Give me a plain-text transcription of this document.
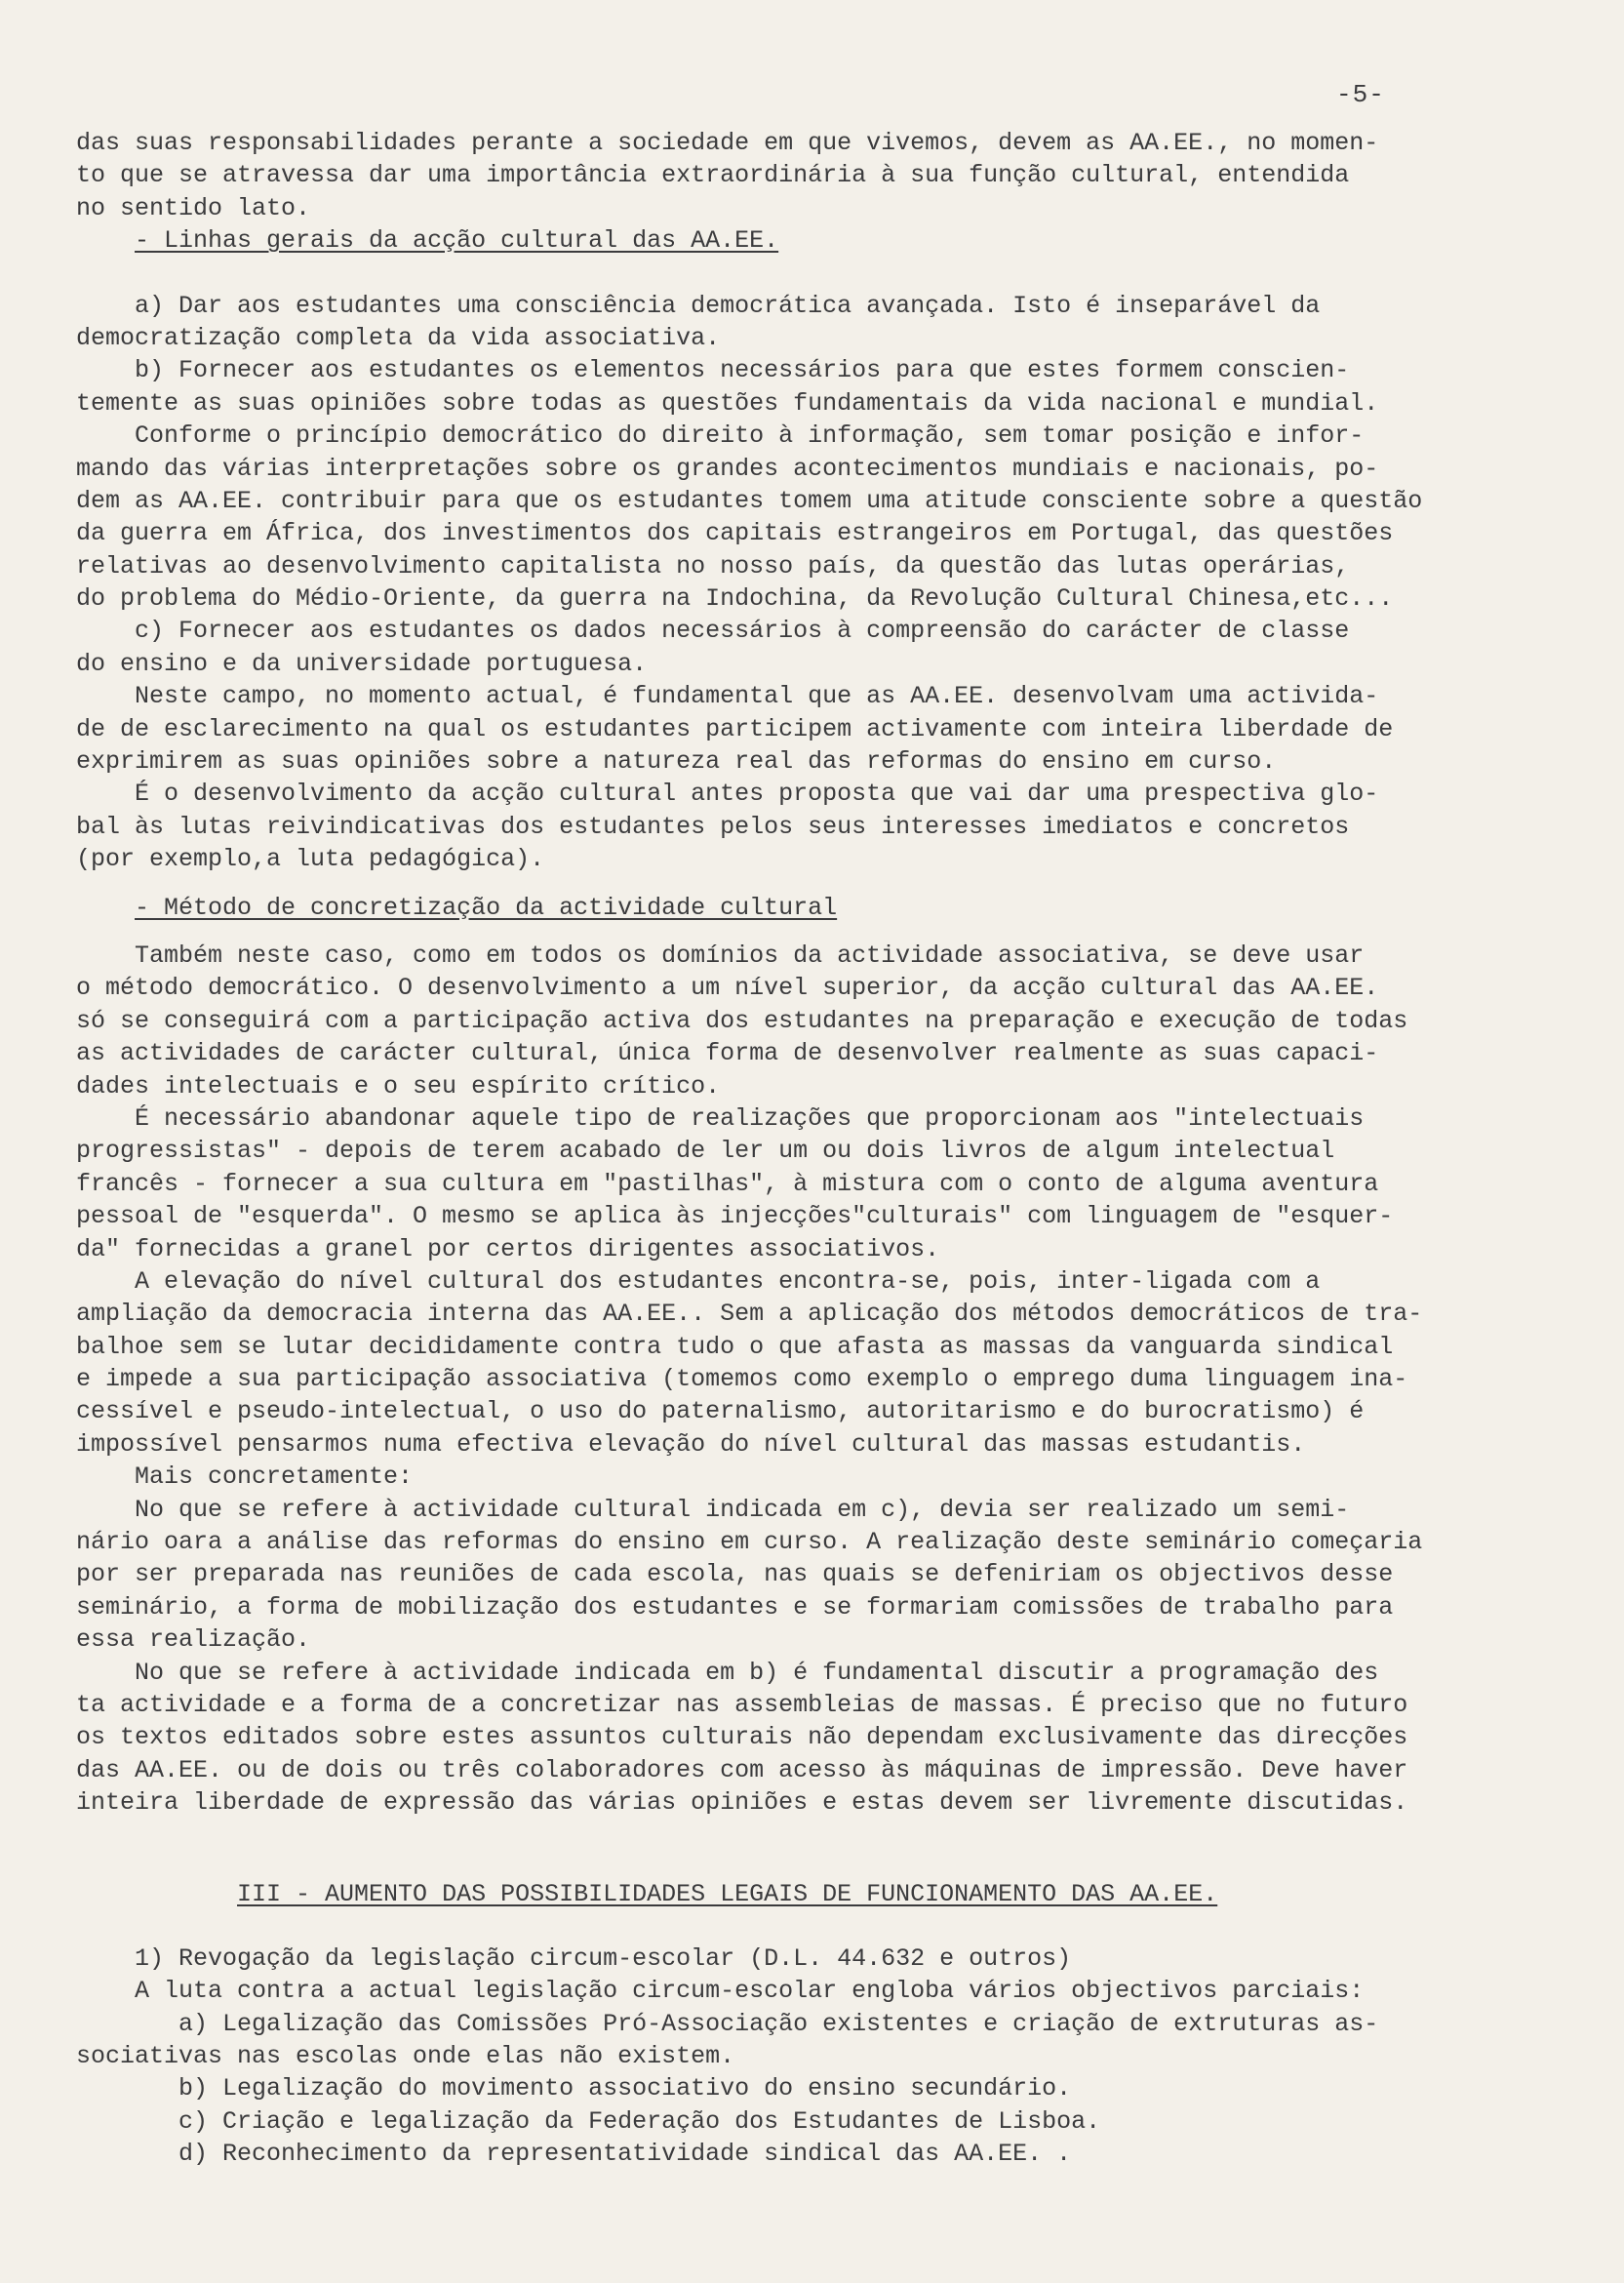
-5-
das suas responsabilidades perante a sociedade em que vivemos, devem as AA.EE., no momen-
to que se atravessa dar uma importância extraordinária à sua função cultural, entendida
no sentido lato.
- Linhas gerais da acção cultural das AA.EE.
a) Dar aos estudantes uma consciência democrática avançada. Isto é inseparável da
democratização completa da vida associativa.
b) Fornecer aos estudantes os elementos necessários para que estes formem conscien-
temente as suas opiniões sobre todas as questões fundamentais da vida nacional e mundial.
Conforme o princípio democrático do direito à informação, sem tomar posição e infor-
mando das várias interpretações sobre os grandes acontecimentos mundiais e nacionais, po-
dem as AA.EE. contribuir para que os estudantes tomem uma atitude consciente sobre a questão
da guerra em África, dos investimentos dos capitais estrangeiros em Portugal, das questões
relativas ao desenvolvimento capitalista no nosso país, da questão das lutas operárias,
do problema do Médio-Oriente, da guerra na Indochina, da Revolução Cultural Chinesa,etc...
c) Fornecer aos estudantes os dados necessários à compreensão do carácter de classe
do ensino e da universidade portuguesa.
Neste campo, no momento actual, é fundamental que as AA.EE. desenvolvam uma activida-
de de esclarecimento na qual os estudantes participem activamente com inteira liberdade de
exprimirem as suas opiniões sobre a natureza real das reformas do ensino em curso.
É o desenvolvimento da acção cultural antes proposta que vai dar uma prespectiva glo-
bal às lutas reivindicativas dos estudantes pelos seus interesses imediatos e concretos
(por exemplo,a luta pedagógica).
- Método de concretização da actividade cultural
Também neste caso, como em todos os domínios da actividade associativa, se deve usar
o método democrático. O desenvolvimento a um nível superior, da acção cultural das AA.EE.
só se conseguirá com a participação activa dos estudantes na preparação e execução de todas
as actividades de carácter cultural, única forma de desenvolver realmente as suas capaci-
dades intelectuais e o seu espírito crítico.
É necessário abandonar aquele tipo de realizações que proporcionam aos "intelectuais
progressistas" - depois de terem acabado de ler um ou dois livros de algum intelectual
francês - fornecer a sua cultura em "pastilhas", à mistura com o conto de alguma aventura
pessoal de "esquerda". O mesmo se aplica às injecções"culturais" com linguagem de "esquer-
da" fornecidas a granel por certos dirigentes associativos.
A elevação do nível cultural dos estudantes encontra-se, pois, inter-ligada com a
ampliação da democracia interna das AA.EE.. Sem a aplicação dos métodos democráticos de tra-
balhoe sem se lutar decididamente contra tudo o que afasta as massas da vanguarda sindical
e impede a sua participação associativa (tomemos como exemplo o emprego duma linguagem ina-
cessível e pseudo-intelectual, o uso do paternalismo, autoritarismo e do burocratismo) é
impossível pensarmos numa efectiva elevação do nível cultural das massas estudantis.
Mais concretamente:
No que se refere à actividade cultural indicada em c), devia ser realizado um semi-
nário oara a análise das reformas do ensino em curso. A realização deste seminário começaria
por ser preparada nas reuniões de cada escola, nas quais se defeniriam os objectivos desse
seminário, a forma de mobilização dos estudantes e se formariam comissões de trabalho para
essa realização.
No que se refere à actividade indicada em b) é fundamental discutir a programação des
ta actividade e a forma de a concretizar nas assembleias de massas. É preciso que no futuro
os textos editados sobre estes assuntos culturais não dependam exclusivamente das direcções
das AA.EE. ou de dois ou três colaboradores com acesso às máquinas de impressão. Deve haver
inteira liberdade de expressão das várias opiniões e estas devem ser livremente discutidas.
III - AUMENTO DAS POSSIBILIDADES LEGAIS DE FUNCIONAMENTO DAS AA.EE.
1) Revogação da legislação circum-escolar (D.L. 44.632 e outros)
A luta contra a actual legislação circum-escolar engloba vários objectivos parciais:
a) Legalização das Comissões Pró-Associação existentes e criação de extruturas as-
sociativas nas escolas onde elas não existem.
b) Legalização do movimento associativo do ensino secundário.
c) Criação e legalização da Federação dos Estudantes de Lisboa.
d) Reconhecimento da representatividade sindical das AA.EE. .
